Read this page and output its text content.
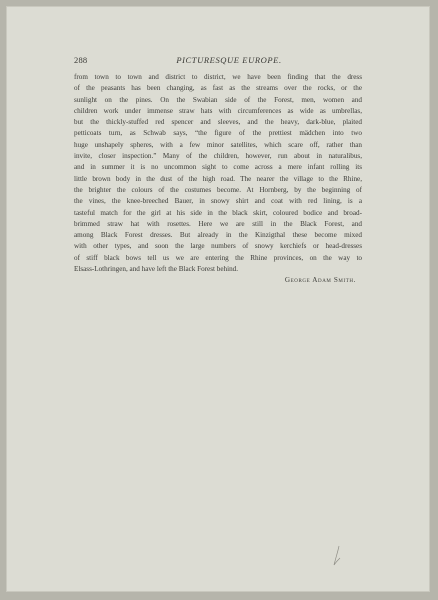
288	PICTURESQUE EUROPE.
from town to town and district to district, we have been finding that the dress
of the peasants has been changing, as fast as the streams over the rocks, or the
sunlight on the pines. On the Swabian side of the Forest, men, women and
children work under immense straw hats with circumferences as wide as umbrellas,
but the thickly-stuffed red spencer and sleeves, and the heavy, dark-blue, plaited
petticoats turn, as Schwab says, “the figure of the prettiest mädchen into two
huge unshapely spheres, with a few minor satellites, which scare off, rather than
invite, closer inspection.” Many of the children, however, run about in naturalibus,
and in summer it is no uncommon sight to come across a mere infant rolling its
little brown body in the dust of the high road. The nearer the village to the Rhine,
the brighter the colours of the costumes become. At Hornberg, by the beginning of
the vines, the knee-breeched Bauer, in snowy shirt and coat with red lining, is a
tasteful match for the girl at his side in the black skirt, coloured bodice and broad-
brimmed straw hat with rosettes. Here we are still in the Black Forest, and
among Black Forest dresses. But already in the Kinzigthal these become mixed
with other types, and soon the large numbers of snowy kerchiefs or head-dresses
of stiff black bows tell us we are entering the Rhine provinces, on the way to
Elsass-Lothringen, and have left the Black Forest behind.
George Adam Smith.
